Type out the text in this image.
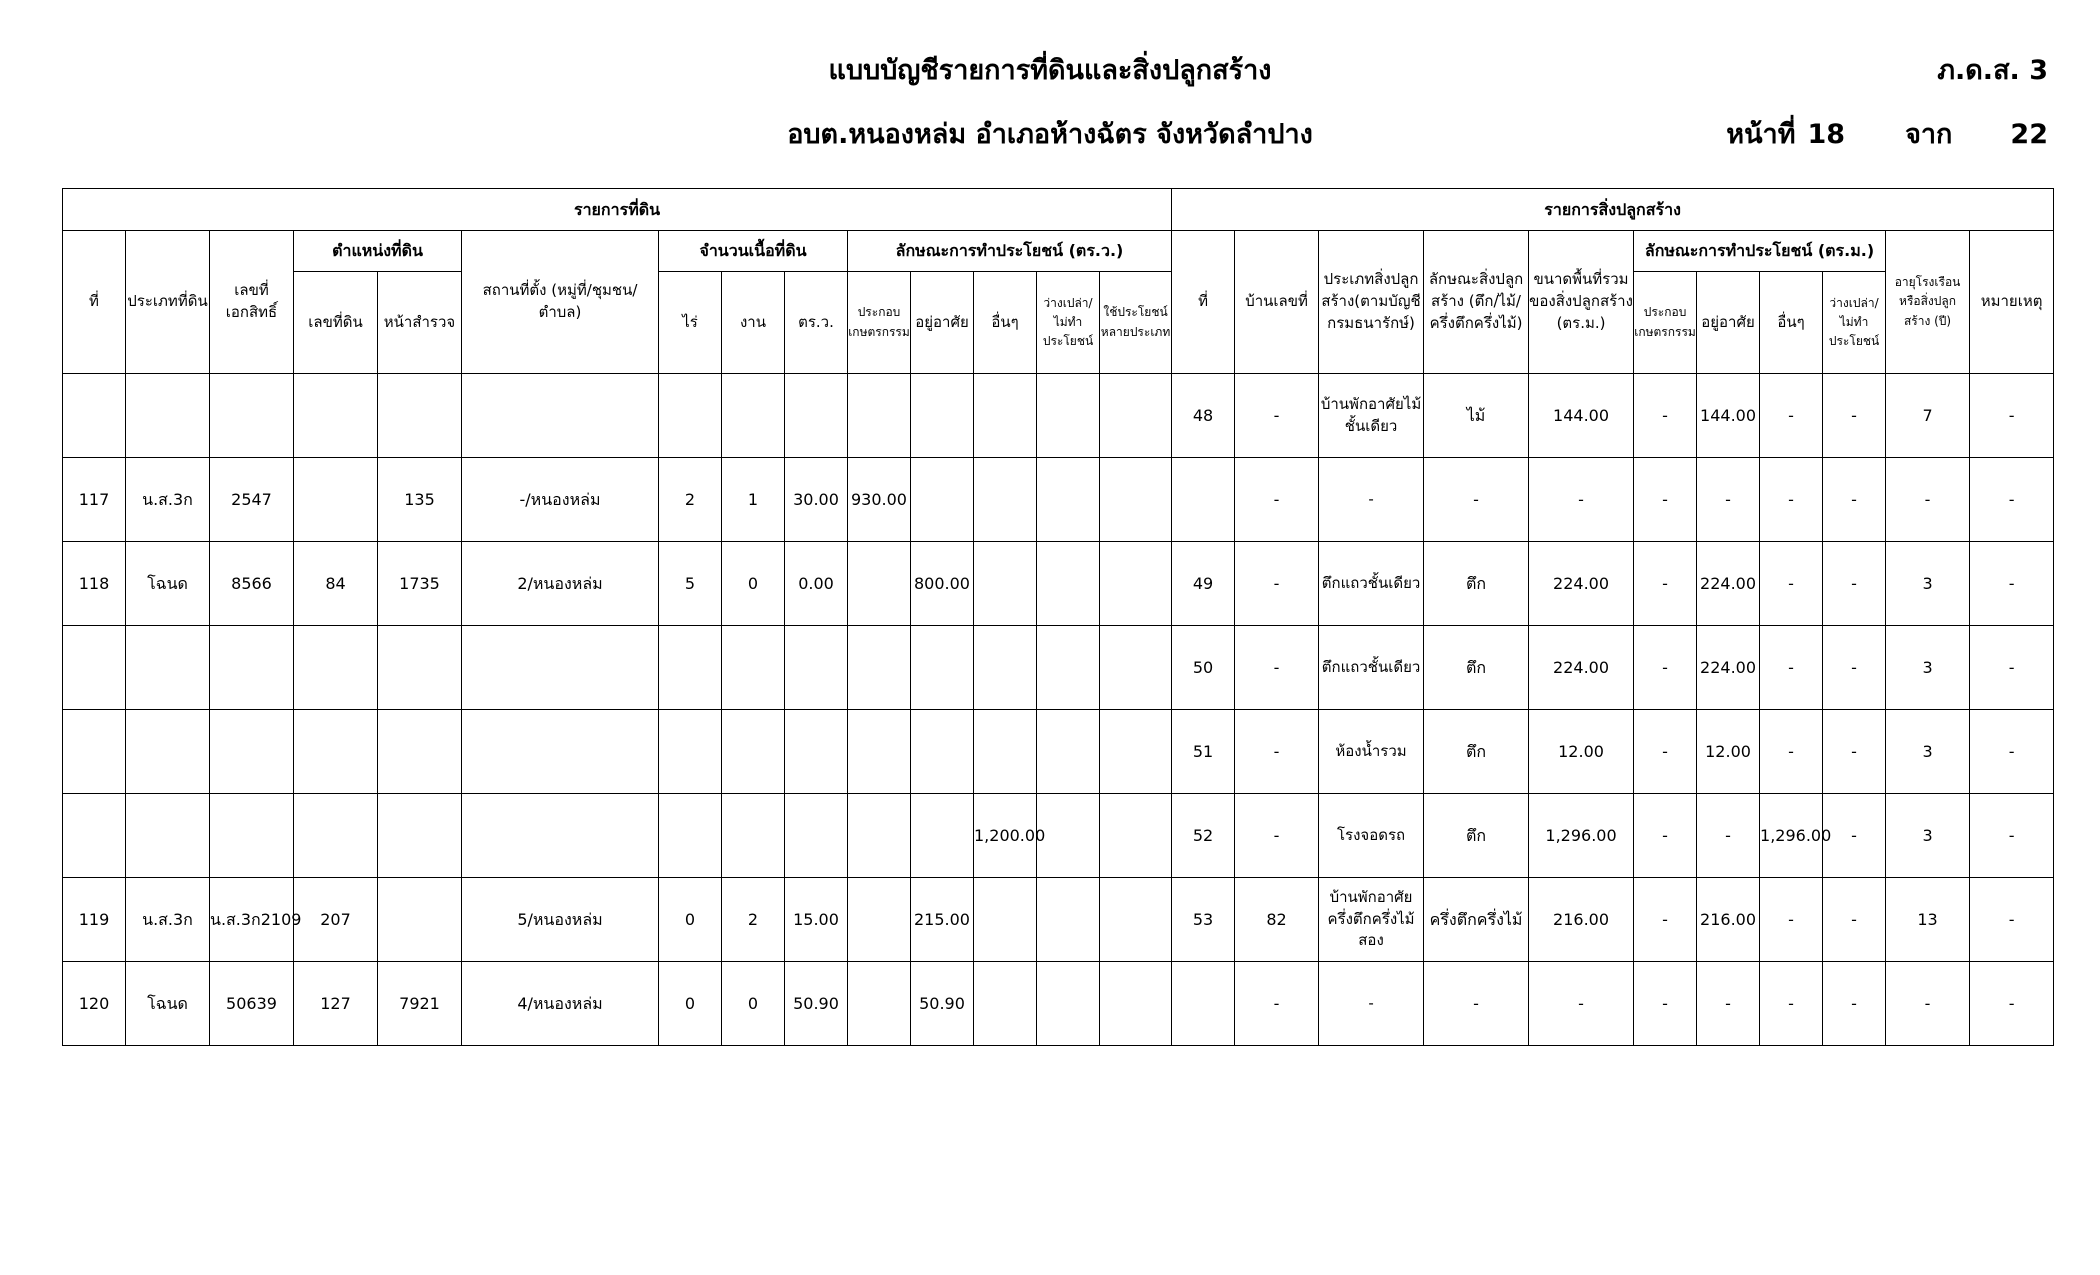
แบบบัญชีรายการที่ดินและสิ่งปลูกสร้าง
อบต.หนองหล่ม อำเภอห้างฉัตร จังหวัดลำปาง
ภ.ด.ส. 3
หน้าที่ 18 จาก 22
รายการที่ดิน														รายการสิ่งปลูกสร้าง										
ที่	ประเภทที่ดิน	เลขที่เอกสิทธิ์	ตำแหน่งที่ดิน		สถานที่ตั้ง (หมู่ที่/ชุมชน/ตำบล)	จำนวนเนื้อที่ดิน			ลักษณะการทำประโยชน์ (ตร.ว.)					ที่	บ้านเลขที่	ประเภทสิ่งปลูกสร้าง(ตามบัญชีกรมธนารักษ์)	ลักษณะสิ่งปลูกสร้าง (ตึก/ไม้/ครึ่งตึกครึ่งไม้)	ขนาดพื้นที่รวมของสิ่งปลูกสร้าง (ตร.ม.)	ลักษณะการทำประโยชน์ (ตร.ม.)				อายุโรงเรือนหรือสิ่งปลูกสร้าง (ปี)	หมายเหตุ
			เลขที่ดิน	หน้าสำรวจ		ไร่	งาน	ตร.ว.	ประกอบเกษตรกรรม	อยู่อาศัย	อื่นๆ	ว่างเปล่า/ไม่ทำประโยชน์	ใช้ประโยชน์หลายประเภท						ประกอบเกษตรกรรม	อยู่อาศัย	อื่นๆ	ว่างเปล่า/ไม่ทำประโยชน์		
														48	-	บ้านพักอาศัยไม้ชั้นเดียว	ไม้	144.00	-	144.00	-	-	7	-
117	น.ส.3ก	2547		135	-/หนองหล่ม	2	1	30.00	930.00						-	-	-	-	-	-	-	-	-	-
118	โฉนด	8566	84	1735	2/หนองหล่ม	5	0	0.00		800.00				49	-	ตึกแถวชั้นเดียว	ตึก	224.00	-	224.00	-	-	3	-
														50	-	ตึกแถวชั้นเดียว	ตึก	224.00	-	224.00	-	-	3	-
														51	-	ห้องน้ำรวม	ตึก	12.00	-	12.00	-	-	3	-
											1,200.00			52	-	โรงจอดรถ	ตึก	1,296.00	-	-	1,296.00	-	3	-
119	น.ส.3ก	น.ส.3ก2109	207		5/หนองหล่ม	0	2	15.00		215.00				53	82	บ้านพักอาศัยครึ่งตึกครึ่งไม้สอง	ครึ่งตึกครึ่งไม้	216.00	-	216.00	-	-	13	-
120	โฉนด	50639	127	7921	4/หนองหล่ม	0	0	50.90		50.90					-	-	-	-	-	-	-	-	-	-
